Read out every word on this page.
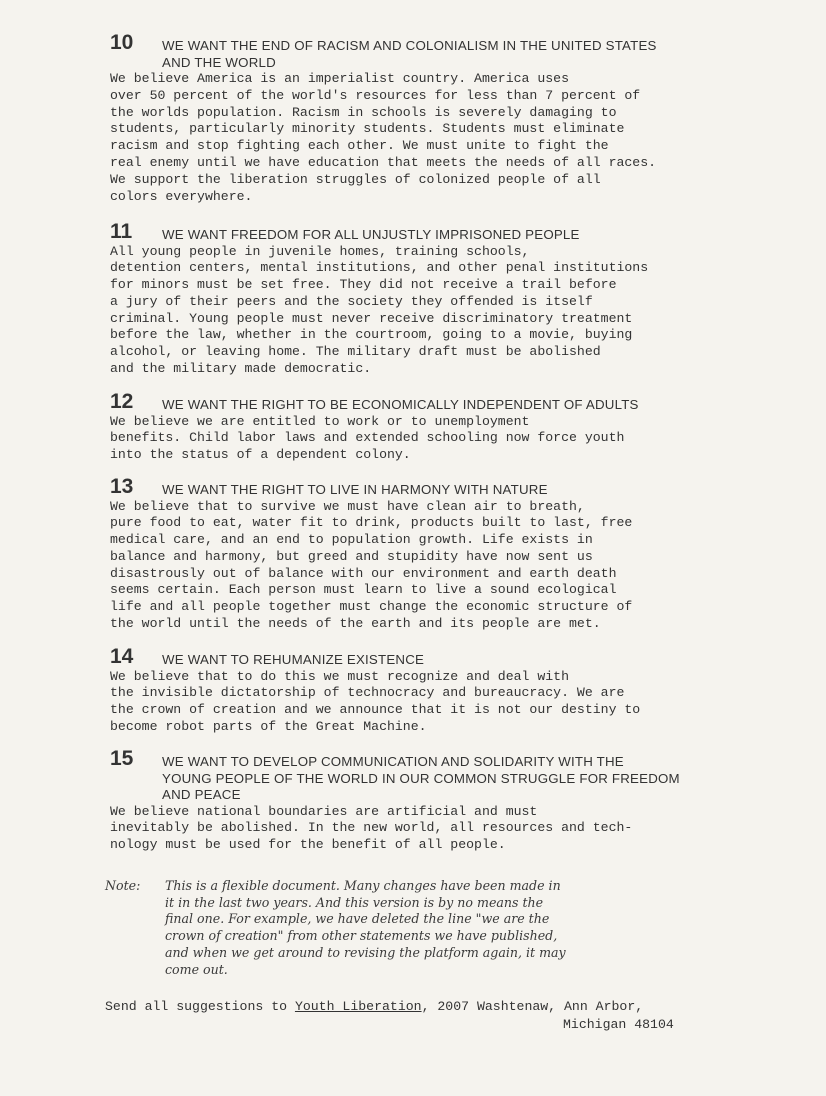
10 WE WANT THE END OF RACISM AND COLONIALISM IN THE UNITED STATES
AND THE WORLD

We believe America is an imperialist country. America uses
over 50 percent of the world's resources for less than 7 percent of
the worlds population. Racism in schools is severely damaging to
students, particularly minority students. Students must eliminate
racism and stop fighting each other. We must unite to fight the
real enemy until we have education that meets the needs of all races.
We support the liberation struggles of colonized people of all
colors everywhere.

11 WE WANT FREEDOM FOR ALL UNJUSTLY IMPRISONED PEOPLE

All young people in juvenile homes, training schools,
detention centers, mental institutions, and other penal institutions
for minors must be set free. They did not receive a trail before
a jury of their peers and the society they offended is itself
criminal. Young people must never receive discriminatory treatment
before the law, whether in the courtroom, going to a movie, buying
alcohol, or leaving home. The military draft must be abolished
and the military made democratic.

12 WE WANT THE RIGHT TO BE ECONOMICALLY INDEPENDENT OF ADULTS

We believe we are entitled to work or to unemployment
benefits. Child labor laws and extended schooling now force youth
into the status of a dependent colony.

13 WE WANT THE RIGHT TO LIVE IN HARMONY WITH NATURE

We believe that to survive we must have clean air to breath,
pure food to eat, water fit to drink, products built to last, free
medical care, and an end to population growth. Life exists in
balance and harmony, but greed and stupidity have now sent us
disastrously out of balance with our environment and earth death
seems certain. Each person must learn to live a sound ecological
life and all people together must change the economic structure of
the world until the needs of the earth and its people are met.

14 WE WANT TO REHUMANIZE EXISTENCE

We believe that to do this we must recognize and deal with
the invisible dictatorship of technocracy and bureaucracy. We are
the crown of creation and we announce that it is not our destiny to
become robot parts of the Great Machine.

15 WE WANT TO DEVELOP COMMUNICATION AND SOLIDARITY WITH THE
YOUNG PEOPLE OF THE WORLD IN OUR COMMON STRUGGLE FOR FREEDOM
AND PEACE

We believe national boundaries are artificial and must
inevitably be abolished. In the new world, all resources and tech-
nology must be used for the benefit of all people.

Note: This is a flexible document. Many changes have been made in
it in the last two years. And this version is by no means the
final one. For example, we have deleted the line "we are the
crown of creation" from other statements we have published,
and when we get around to revising the platform again, it may
come out.
Send all suggestions to Youth Liberation, 2007 Washtenaw, Ann Arbor,
Michigan 48104
